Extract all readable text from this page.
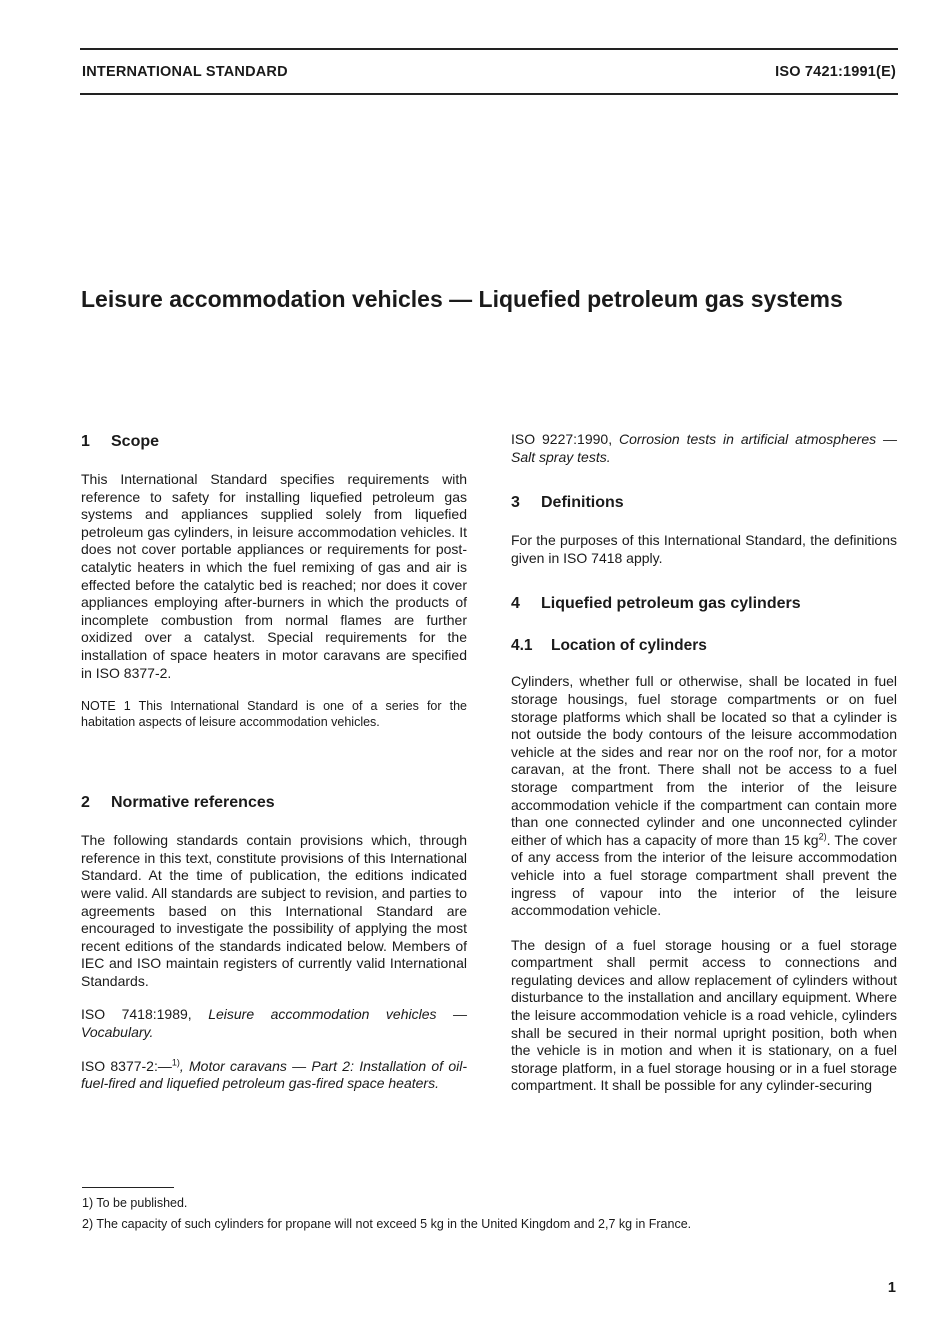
INTERNATIONAL STANDARD	ISO 7421:1991(E)
Leisure accommodation vehicles — Liquefied petroleum gas systems
1	Scope

This International Standard specifies requirements with reference to safety for installing liquefied petroleum gas systems and appliances supplied solely from liquefied petroleum gas cylinders, in leisure accommodation vehicles. It does not cover portable appliances or requirements for post-catalytic heaters in which the fuel remixing of gas and air is effected before the catalytic bed is reached; nor does it cover appliances employing after-burners in which the products of incomplete combustion from normal flames are further oxidized over a catalyst. Special requirements for the installation of space heaters in motor caravans are specified in ISO 8377-2.

NOTE 1 This International Standard is one of a series for the habitation aspects of leisure accommodation vehicles.

2	Normative references

The following standards contain provisions which, through reference in this text, constitute provisions of this International Standard. At the time of publication, the editions indicated were valid. All standards are subject to revision, and parties to agreements based on this International Standard are encouraged to investigate the possibility of applying the most recent editions of the standards indicated below. Members of IEC and ISO maintain registers of currently valid International Standards.

ISO 7418:1989, Leisure accommodation vehicles — Vocabulary.

ISO 8377-2:—$^{1)}$, Motor caravans — Part 2: Installation of oil-fuel-fired and liquefied petroleum gas-fired space heaters.

ISO 9227:1990, Corrosion tests in artificial atmospheres — Salt spray tests.

3	Definitions

For the purposes of this International Standard, the definitions given in ISO 7418 apply.

4	Liquefied petroleum gas cylinders
4.1	Location of cylinders

Cylinders, whether full or otherwise, shall be located in fuel storage housings, fuel storage compartments or on fuel storage platforms which shall be located so that a cylinder is not outside the body contours of the leisure accommodation vehicle at the sides and rear nor on the roof nor, for a motor caravan, at the front. There shall not be access to a fuel storage compartment from the interior of the leisure accommodation vehicle if the compartment can contain more than one connected cylinder and one unconnected cylinder either of which has a capacity of more than 15 $kg^{2)}$. The cover of any access from the interior of the leisure accommodation vehicle into a fuel storage compartment shall prevent the ingress of vapour into the interior of the leisure accommodation vehicle.

The design of a fuel storage housing or a fuel storage compartment shall permit access to connections and regulating devices and allow replacement of cylinders without disturbance to the installation and ancillary equipment. Where the leisure accommodation vehicle is a road vehicle, cylinders shall be secured in their normal upright position, both when the vehicle is in motion and when it is stationary, on a fuel storage platform, in a fuel storage housing or in a fuel storage compartment. It shall be possible for any cylinder-securing

1) To be published.
2) The capacity of such cylinders for propane will not exceed 5 kg in the United Kingdom and 2,7 kg in France.
1
